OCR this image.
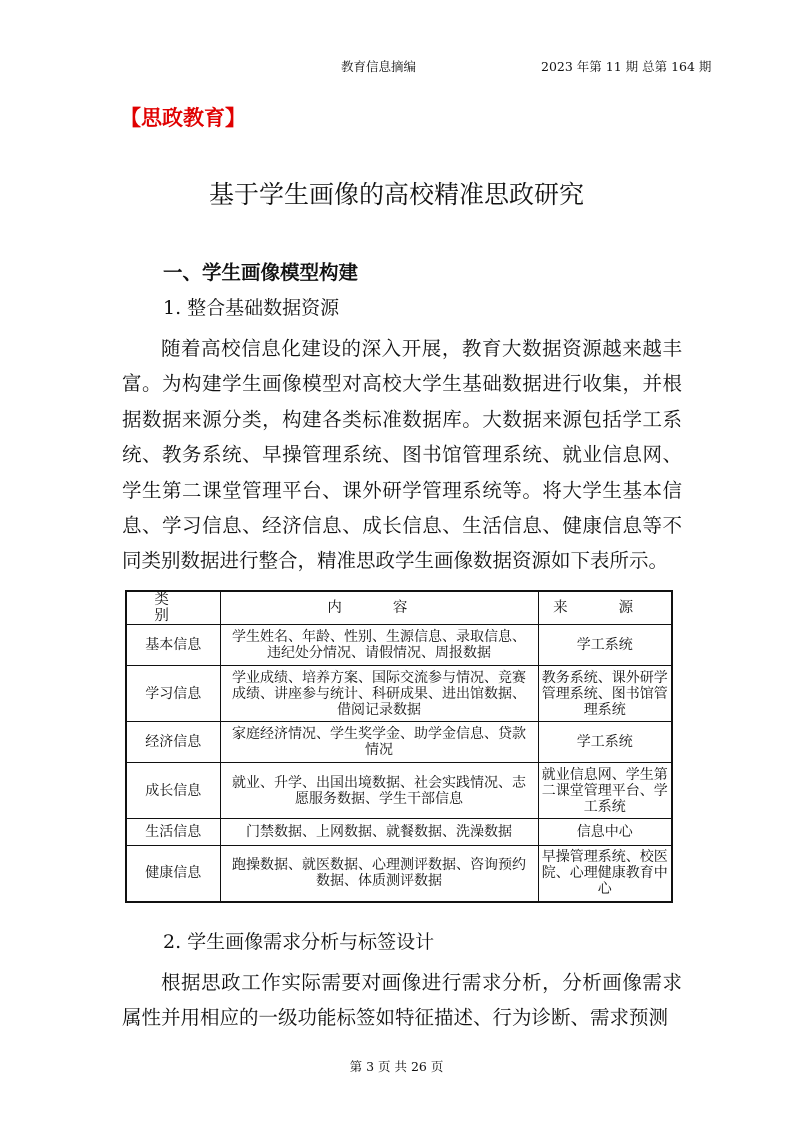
教育信息摘编	2023 年第 11 期 总第 164 期
【思政教育】
基于学生画像的高校精准思政研究
一、学生画像模型构建
1. 整合基础数据资源
随着高校信息化建设的深入开展，教育大数据资源越来越丰富。为构建学生画像模型对高校大学生基础数据进行收集，并根据数据来源分类，构建各类标准数据库。大数据来源包括学工系统、教务系统、早操管理系统、图书馆管理系统、就业信息网、学生第二课堂管理平台、课外研学管理系统等。将大学生基本信息、学习信息、经济信息、成长信息、生活信息、健康信息等不同类别数据进行整合，精准思政学生画像数据资源如下表所示。
类 别	内 容	来 源
基本信息	学生姓名、年龄、性别、生源信息、录取信息、违纪处分情况、请假情况、周报数据	学工系统
学习信息	学业成绩、培养方案、国际交流参与情况、竞赛成绩、讲座参与统计、科研成果、进出馆数据、借阅记录数据	教务系统、课外研学管理系统、图书馆管理系统
经济信息	家庭经济情况、学生奖学金、助学金信息、贷款情况	学工系统
成长信息	就业、升学、出国出境数据、社会实践情况、志愿服务数据、学生干部信息	就业信息网、学生第二课堂管理平台、学工系统
生活信息	门禁数据、上网数据、就餐数据、洗澡数据	信息中心
健康信息	跑操数据、就医数据、心理测评数据、咨询预约数据、体质测评数据	早操管理系统、校医院、心理健康教育中心
2. 学生画像需求分析与标签设计
根据思政工作实际需要对画像进行需求分析，分析画像需求属性并用相应的一级功能标签如特征描述、行为诊断、需求预测
第 3 页 共 26 页
